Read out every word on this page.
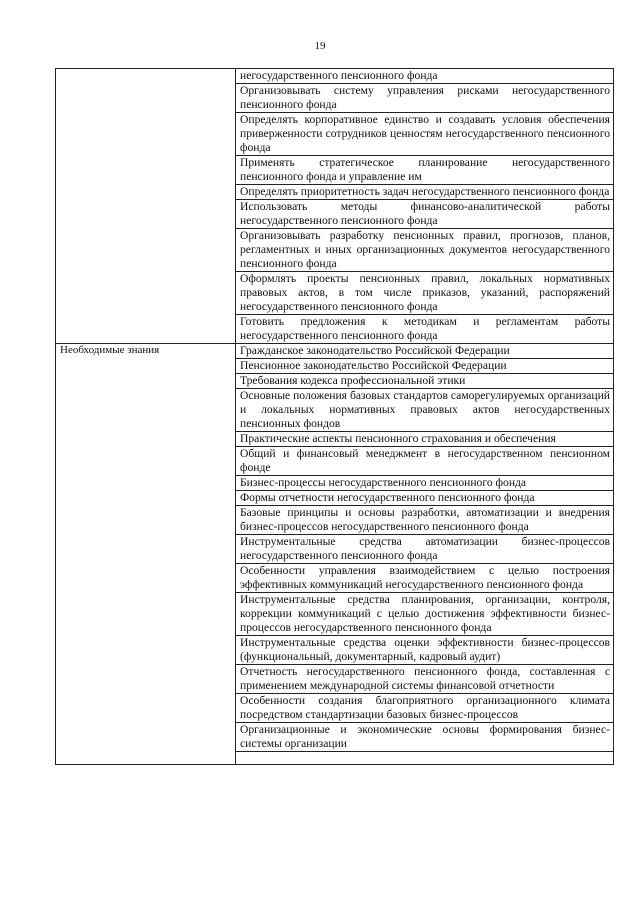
19
	негосударственного пенсионного фонда
	Организовывать систему управления рисками негосударственного пенсионного фонда
	Определять корпоративное единство и создавать условия обеспечения приверженности сотрудников ценностям негосударственного пенсионного фонда
	Применять стратегическое планирование негосударственного пенсионного фонда и управление им
	Определять приоритетность задач негосударственного пенсионного фонда
	Использовать методы финансово-аналитической работы негосударственного пенсионного фонда
	Организовывать разработку пенсионных правил, прогнозов, планов, регламентных и иных организационных документов негосударственного пенсионного фонда
	Оформлять проекты пенсионных правил, локальных нормативных правовых актов, в том числе приказов, указаний, распоряжений негосударственного пенсионного фонда
	Готовить предложения к методикам и регламентам работы негосударственного пенсионного фонда
Необходимые знания	Гражданское законодательство Российской Федерации
	Пенсионное законодательство Российской Федерации
	Требования кодекса профессиональной этики
	Основные положения базовых стандартов саморегулируемых организаций и локальных нормативных правовых актов негосударственных пенсионных фондов
	Практические аспекты пенсионного страхования и обеспечения
	Общий и финансовый менеджмент в негосударственном пенсионном фонде
	Бизнес-процессы негосударственного пенсионного фонда
	Формы отчетности негосударственного пенсионного фонда
	Базовые принципы и основы разработки, автоматизации и внедрения бизнес-процессов негосударственного пенсионного фонда
	Инструментальные средства автоматизации бизнес-процессов негосударственного пенсионного фонда
	Особенности управления взаимодействием с целью построения эффективных коммуникаций негосударственного пенсионного фонда
	Инструментальные средства планирования, организации, контроля, коррекции коммуникаций с целью достижения эффективности бизнес-процессов негосударственного пенсионного фонда
	Инструментальные средства оценки эффективности бизнес-процессов (функциональный, документарный, кадровый аудит)
	Отчетность негосударственного пенсионного фонда, составленная с применением международной системы финансовой отчетности
	Особенности создания благоприятного организационного климата посредством стандартизации базовых бизнес-процессов
	Организационные и экономические основы формирования бизнес-системы организации
